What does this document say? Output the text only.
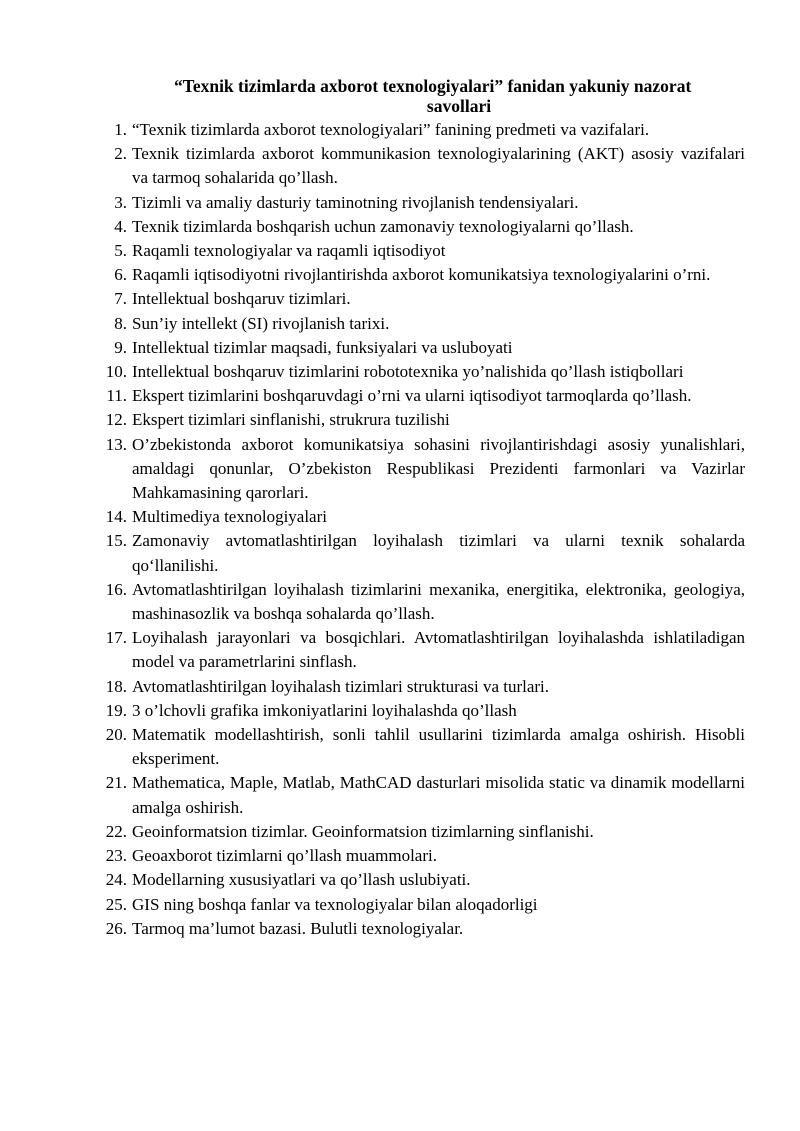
“Texnik tizimlarda axborot texnologiyalari” fanidan yakuniy nazorat
savollari
1. “Texnik tizimlarda axborot texnologiyalari” fanining predmeti va vazifalari.
2. Texnik tizimlarda axborot kommunikasion texnologiyalarining (AKT) asosiy vazifalari va tarmoq sohalarida qo’llash.
3. Tizimli va amaliy dasturiy taminotning rivojlanish tendensiyalari.
4. Texnik tizimlarda boshqarish uchun zamonaviy texnologiyalarni qo’llash.
5. Raqamli texnologiyalar va raqamli iqtisodiyot
6. Raqamli iqtisodiyotni rivojlantirishda axborot komunikatsiya texnologiyalarini o’rni.
7. Intellektual boshqaruv tizimlari.
8. Sun’iy intellekt (SI) rivojlanish tarixi.
9. Intellektual tizimlar maqsadi, funksiyalari va usluboyati
10. Intellektual boshqaruv tizimlarini robototexnika yo’nalishida qo’llash istiqbollari
11. Ekspert tizimlarini boshqaruvdagi o’rni va ularni iqtisodiyot tarmoqlarda qo’llash.
12. Ekspert tizimlari sinflanishi, strukrura tuzilishi
13. O’zbekistonda axborot komunikatsiya sohasini rivojlantirishdagi asosiy yunalishlari, amaldagi qonunlar, O’zbekiston Respublikasi Prezidenti farmonlari va Vazirlar Mahkamasining qarorlari.
14. Multimediya texnologiyalari
15. Zamonaviy avtomatlashtirilgan loyihalash tizimlari va ularni texnik sohalarda qo‘llanilishi.
16. Avtomatlashtirilgan loyihalash tizimlarini mexanika, energitika, elektronika, geologiya, mashinasozlik va boshqa sohalarda qo’llash.
17. Loyihalash jarayonlari va bosqichlari. Avtomatlashtirilgan loyihalashda ishlatiladigan model va parametrlarini sinflash.
18. Avtomatlashtirilgan loyihalash tizimlari strukturasi va turlari.
19. 3 o’lchovli grafika imkoniyatlarini loyihalashda qo’llash
20. Matematik modellashtirish, sonli tahlil usullarini tizimlarda amalga oshirish. Hisobli eksperiment.
21. Mathematica, Maple, Matlab, MathCAD dasturlari misolida static va dinamik modellarni amalga oshirish.
22. Geoinformatsion tizimlar. Geoinformatsion tizimlarning sinflanishi.
23. Geoaxborot tizimlarni qo’llash muammolari.
24. Modellarning xususiyatlari va qo’llash uslubiyati.
25. GIS ning boshqa fanlar va texnologiyalar bilan aloqadorligi
26. Tarmoq ma’lumot bazasi. Bulutli texnologiyalar.
